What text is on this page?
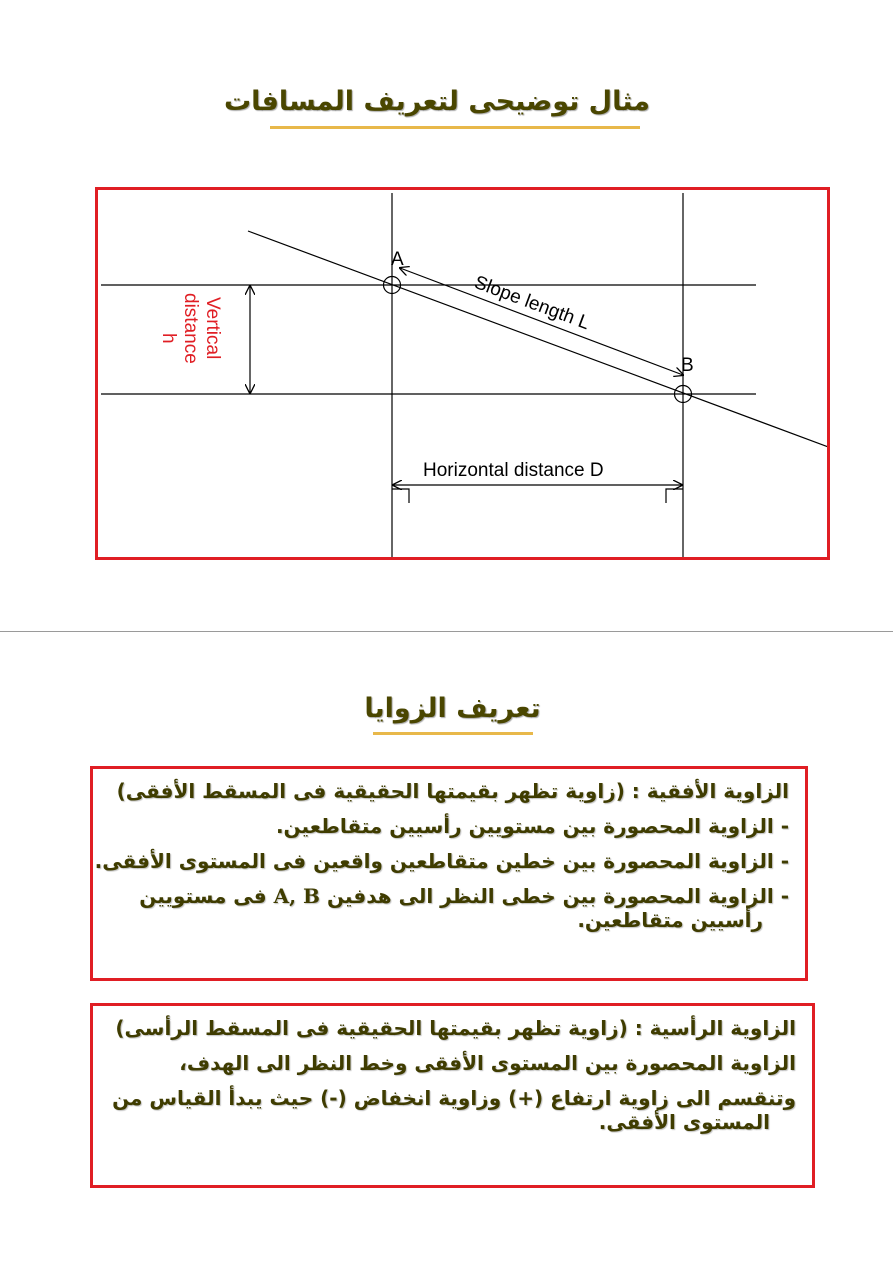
مثال توضيحى لتعريف المسافات
A
B
Slope length L
Horizontal distance D
Vertical
distance
h
تعريف الزوايا
الزاوية الأفقية : (زاوية تظهر بقيمتها الحقيقية فى المسقط الأفقى)
- الزاوية المحصورة بين مستويين رأسيين متقاطعين.
- الزاوية المحصورة بين خطين متقاطعين واقعين فى المستوى الأفقى.
- الزاوية المحصورة بين خطى النظر الى هدفين A, B فى مستويين
رأسيين متقاطعين.
الزاوية الرأسية : (زاوية تظهر بقيمتها الحقيقية فى المسقط الرأسى)
الزاوية المحصورة بين المستوى الأفقى وخط النظر الى الهدف،
وتنقسم الى زاوية ارتفاع (+) وزاوية انخفاض (-) حيث يبدأ القياس من
المستوى الأفقى.
